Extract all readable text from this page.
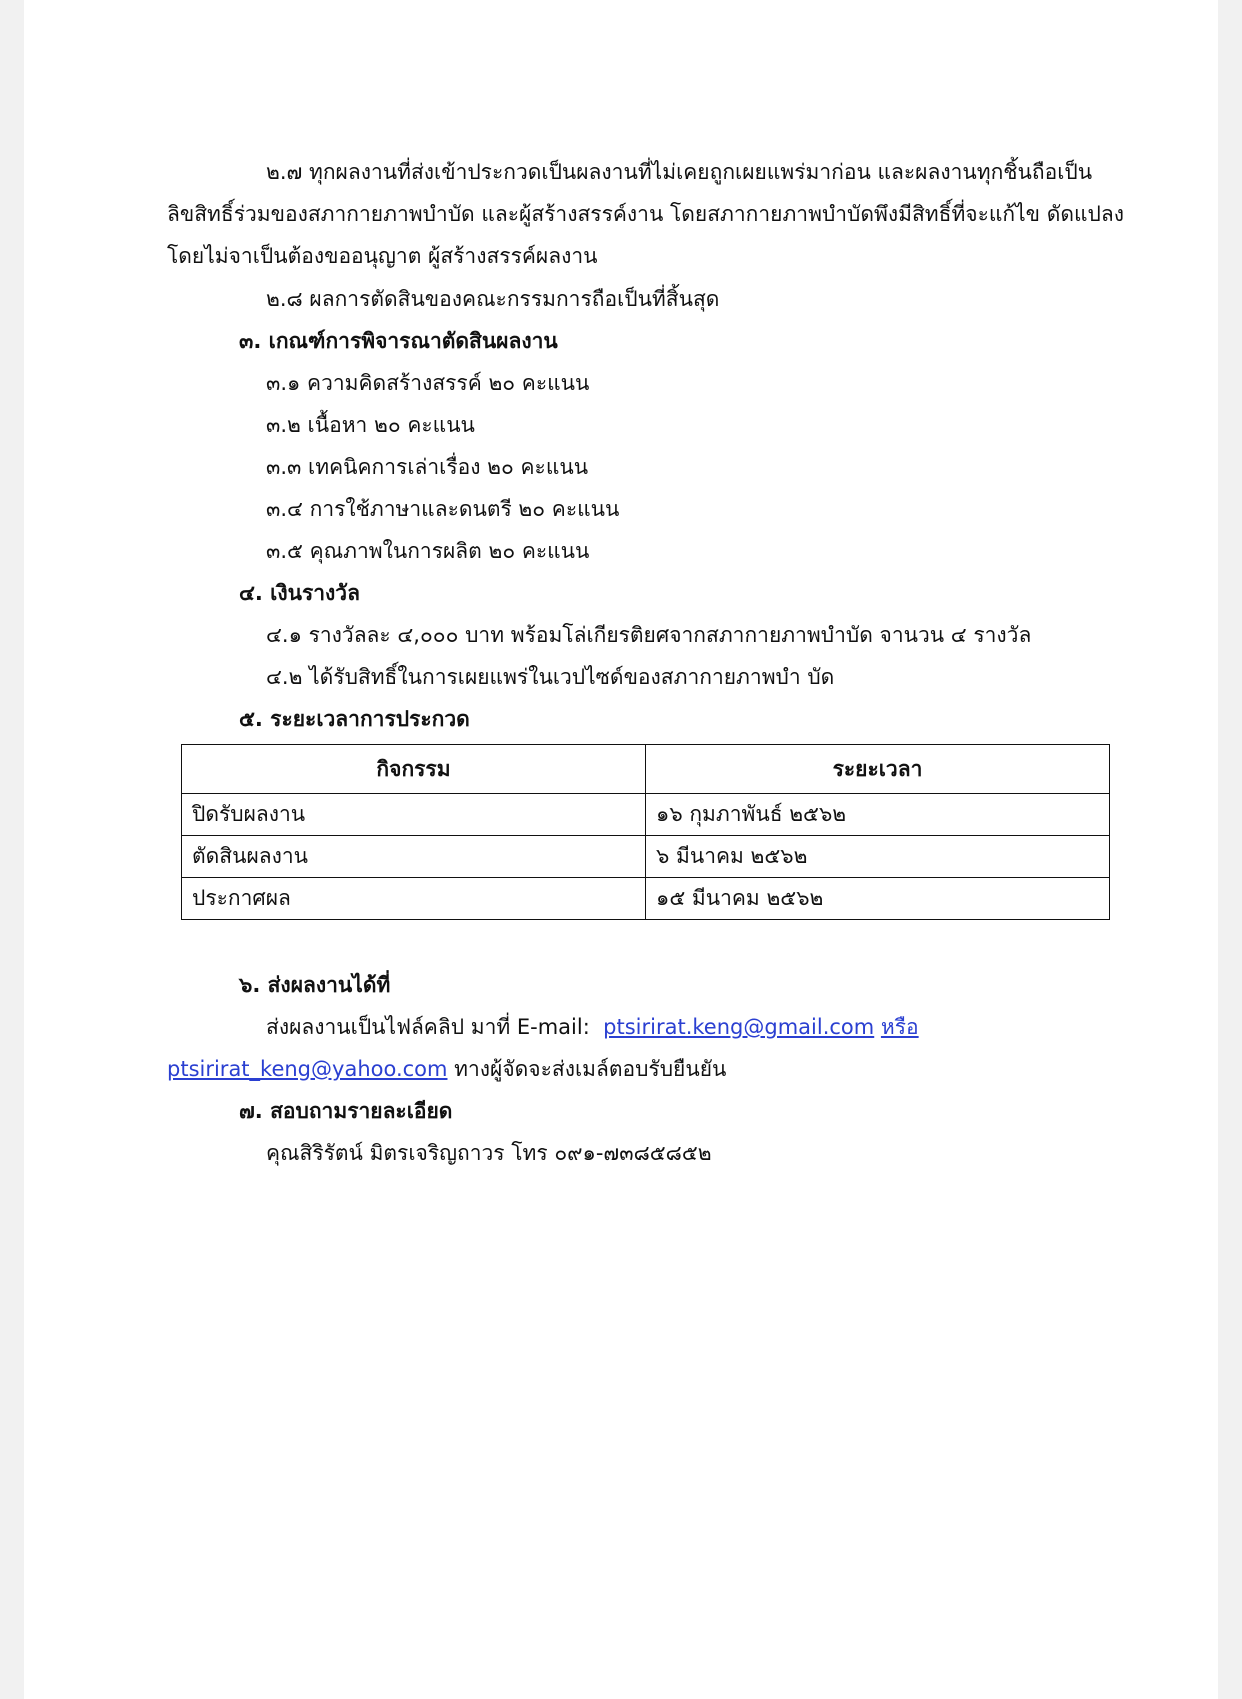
๒.๗ ทุกผลงานที่ส่งเข้าประกวดเป็นผลงานที่ไม่เคยถูกเผยแพร่มาก่อน และผลงานทุกชิ้นถือเป็น
ลิขสิทธิ์ร่วมของสภากายภาพบำบัด และผู้สร้างสรรค์งาน โดยสภากายภาพบำบัดพึงมีสิทธิ์ที่จะแก้ไข ดัดแปลง
โดยไม่จาเป็นต้องขออนุญาต ผู้สร้างสรรค์ผลงาน
๒.๘ ผลการตัดสินของคณะกรรมการถือเป็นที่สิ้นสุด
๓. เกณฑ์การพิจารณาตัดสินผลงาน
๓.๑ ความคิดสร้างสรรค์ ๒๐ คะแนน
๓.๒ เนื้อหา ๒๐ คะแนน
๓.๓ เทคนิคการเล่าเรื่อง ๒๐ คะแนน
๓.๔ การใช้ภาษาและดนตรี ๒๐ คะแนน
๓.๕ คุณภาพในการผลิต ๒๐ คะแนน
๔. เงินรางวัล
๔.๑ รางวัลละ ๔,๐๐๐ บาท พร้อมโล่เกียรติยศจากสภากายภาพบำบัด จานวน ๔ รางวัล
๔.๒ ได้รับสิทธิ์ในการเผยแพร่ในเวปไซด์ของสภากายภาพบำ บัด
๕. ระยะเวลาการประกวด
กิจกรรม	ระยะเวลา
ปิดรับผลงาน	๑๖ กุมภาพันธ์ ๒๕๖๒
ตัดสินผลงาน	๖ มีนาคม ๒๕๖๒
ประกาศผล	๑๕ มีนาคม ๒๕๖๒
๖. ส่งผลงานได้ที่
ส่งผลงานเป็นไฟล์คลิป มาที่ E-mail: ptsirirat.keng@gmail.com หรือ
ptsirirat_keng@yahoo.com ทางผู้จัดจะส่งเมล์ตอบรับยืนยัน
๗. สอบถามรายละเอียด
คุณสิริรัตน์ มิตรเจริญถาวร โทร ๐๙๑-๗๓๘๕๘๕๒
